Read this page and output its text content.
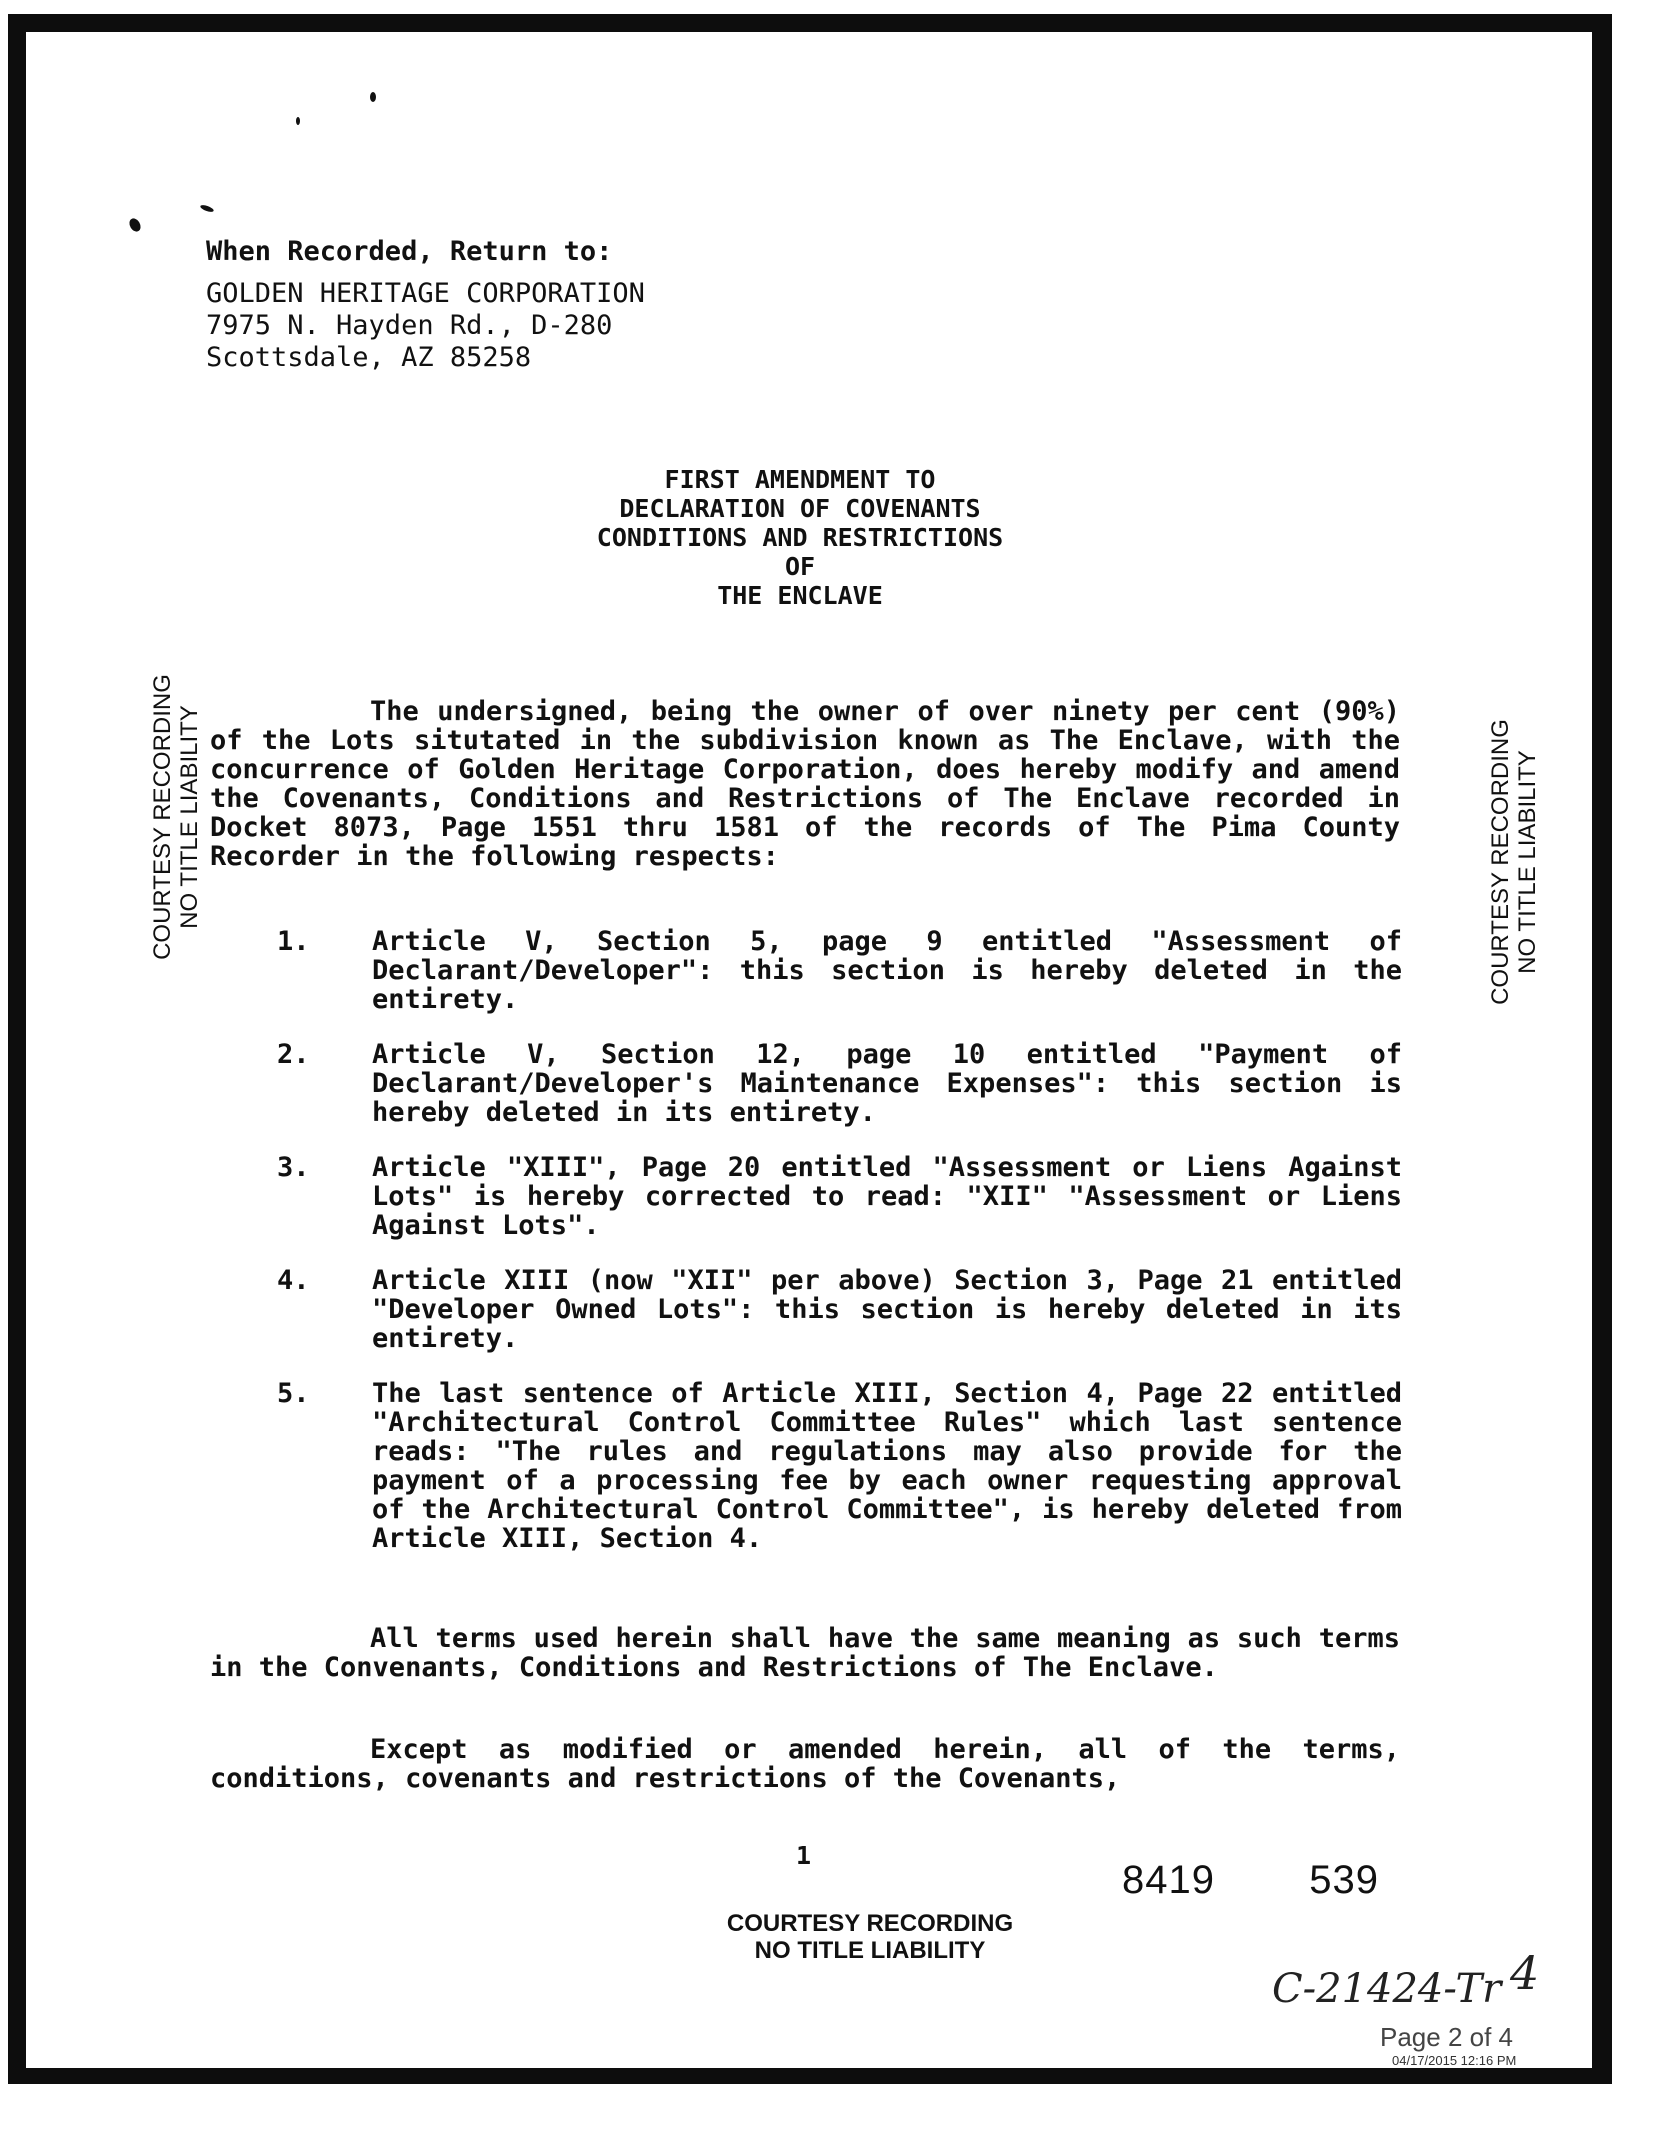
When Recorded, Return to:
GOLDEN HERITAGE CORPORATION
7975 N. Hayden Rd., D-280
Scottsdale, AZ 85258
FIRST AMENDMENT TO
DECLARATION OF COVENANTS
CONDITIONS AND RESTRICTIONS
OF
THE ENCLAVE
The undersigned, being the owner of over ninety per cent (90%) of the Lots situtated in the subdivision known as The Enclave, with the concurrence of Golden Heritage Corporation, does hereby modify and amend the Covenants, Conditions and Restrictions of The Enclave recorded in Docket 8073, Page 1551 thru 1581 of the records of The Pima County Recorder in the following respects:
1. Article V, Section 5, page 9 entitled "Assessment of Declarant/Developer": this section is hereby deleted in the entirety.
2. Article V, Section 12, page 10 entitled "Payment of Declarant/Developer's Maintenance Expenses": this section is hereby deleted in its entirety.
3. Article "XIII", Page 20 entitled "Assessment or Liens Against Lots" is hereby corrected to read: "XII" "Assessment or Liens Against Lots".
4. Article XIII (now "XII" per above) Section 3, Page 21 entitled "Developer Owned Lots": this section is hereby deleted in its entirety.
5. The last sentence of Article XIII, Section 4, Page 22 entitled "Architectural Control Committee Rules" which last sentence reads: "The rules and regulations may also provide for the payment of a processing fee by each owner requesting approval of the Architectural Control Committee", is hereby deleted from Article XIII, Section 4.
All terms used herein shall have the same meaning as such terms in the Convenants, Conditions and Restrictions of The Enclave.
Except as modified or amended herein, all of the terms, conditions, covenants and restrictions of the Covenants,
COURTESY RECORDING NO TITLE LIABILITY	COURTESY RECORDING NO TITLE LIABILITY
1
8419 539
COURTESY RECORDING
NO TITLE LIABILITY
C-21424-Tr 4
Page 2 of 4
04/17/2015 12:16 PM
